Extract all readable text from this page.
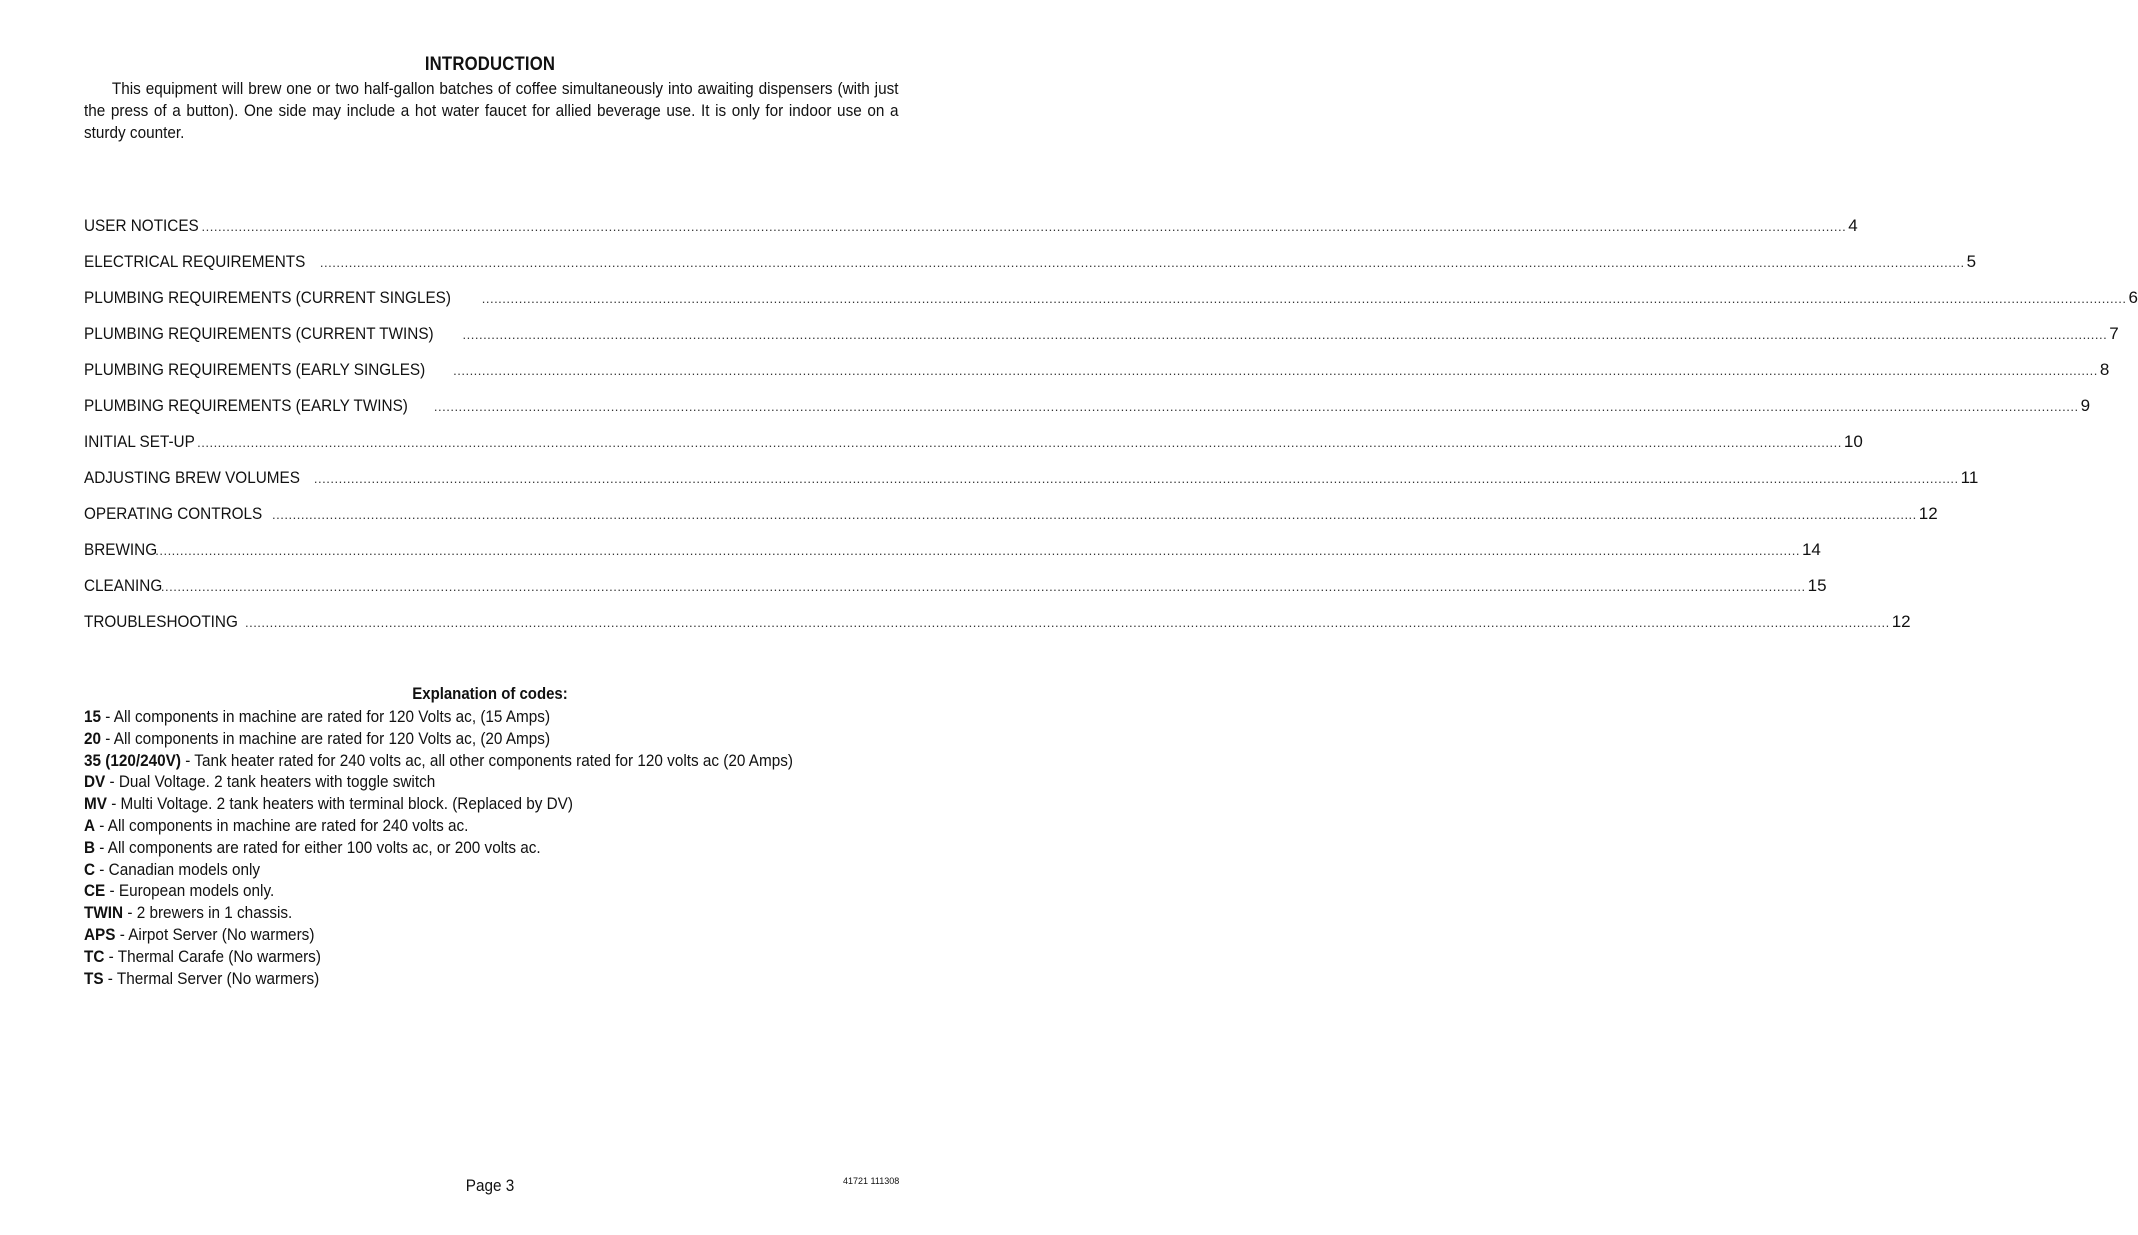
INTRODUCTION
This equipment will brew one or two half-gallon batches of coffee simultaneously into awaiting dispensers (with just the press of a button). One side may include a hot water faucet for allied beverage use. It is only for indoor use on a sturdy counter.
USER NOTICES ................................................................................................................................................................................................................................................................................................................................................................................................................ 4
ELECTRICAL REQUIREMENTS ................................................................................................................................................................................................................................................................................................................................................................................................................ 5
PLUMBING REQUIREMENTS (CURRENT SINGLES) ................................................................................................................................................................................................................................................................................................................................................................................................................ 6
PLUMBING REQUIREMENTS (CURRENT TWINS) ................................................................................................................................................................................................................................................................................................................................................................................................................ 7
PLUMBING REQUIREMENTS (EARLY SINGLES) ................................................................................................................................................................................................................................................................................................................................................................................................................ 8
PLUMBING REQUIREMENTS (EARLY TWINS) ................................................................................................................................................................................................................................................................................................................................................................................................................ 9
INITIAL SET-UP ................................................................................................................................................................................................................................................................................................................................................................................................................ 10
ADJUSTING BREW VOLUMES ................................................................................................................................................................................................................................................................................................................................................................................................................ 11
OPERATING CONTROLS ................................................................................................................................................................................................................................................................................................................................................................................................................ 12
BREWING
................................................................................................................................................................................................................................................................................................................................................................................................................ 14
CLEANING
................................................................................................................................................................................................................................................................................................................................................................................................................ 15
TROUBLESHOOTING ................................................................................................................................................................................................................................................................................................................................................................................................................ 12
Explanation of codes:
15 - All components in machine are rated for 120 Volts ac, (15 Amps)
20 - All components in machine are rated for 120 Volts ac, (20 Amps)
35 (120/240V) - Tank heater rated for 240 volts ac, all other components rated for 120 volts ac (20 Amps)
DV - Dual Voltage. 2 tank heaters with toggle switch
MV - Multi Voltage. 2 tank heaters with terminal block. (Replaced by DV)
A - All components in machine are rated for 240 volts ac.
B - All components are rated for either 100 volts ac, or 200 volts ac.
C - Canadian models only
CE - European models only.
TWIN - 2 brewers in 1 chassis.
APS - Airpot Server (No warmers)
TC - Thermal Carafe (No warmers)
TS - Thermal Server (No warmers)
Page 3	41721 111308
